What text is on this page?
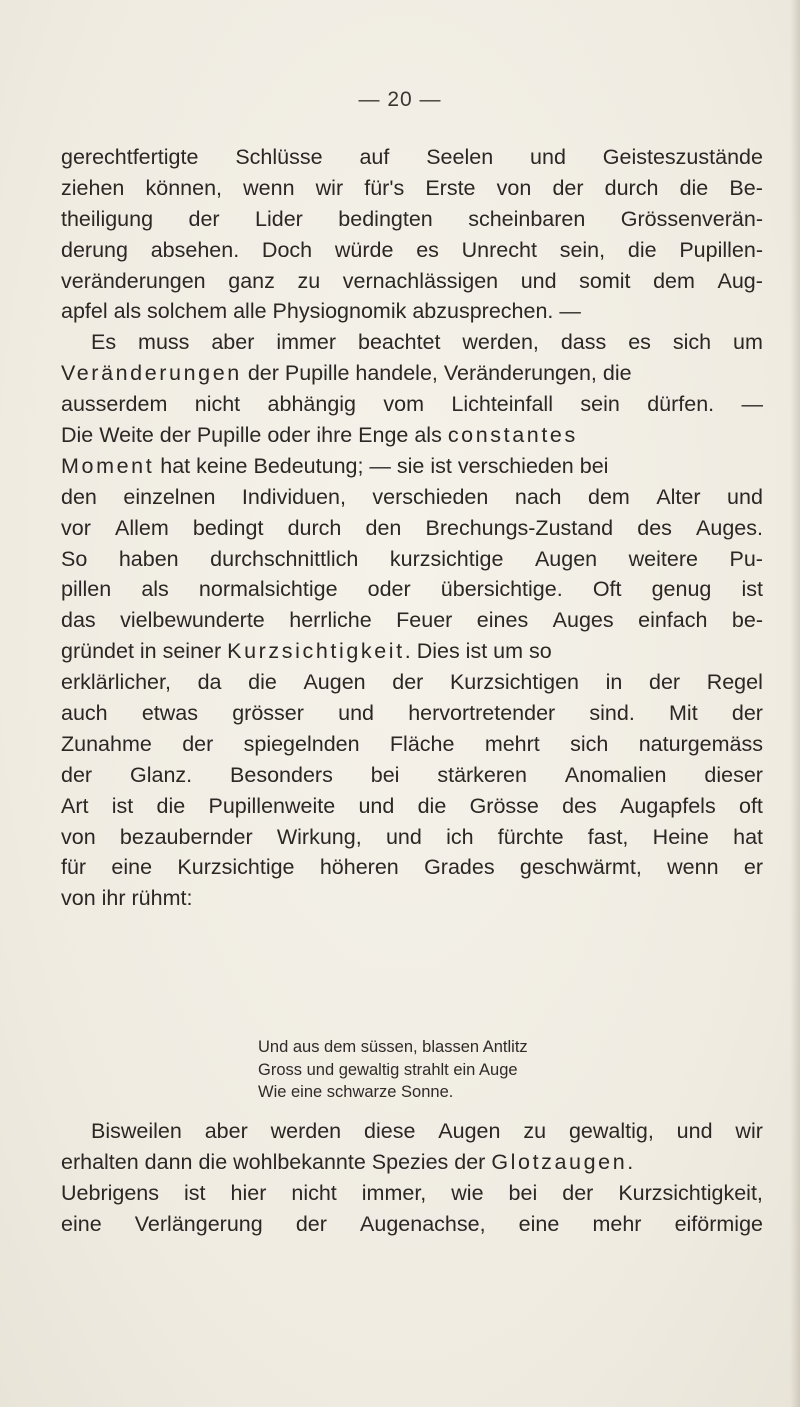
— 20 —
gerechtfertigte Schlüsse auf Seelen und Geisteszustände
ziehen können, wenn wir für's Erste von der durch die Be-
theiligung der Lider bedingten scheinbaren Grössenverän-
derung absehen. Doch würde es Unrecht sein, die Pupillen-
veränderungen ganz zu vernachlässigen und somit dem Aug-
apfel als solchem alle Physiognomik abzusprechen. —
Es muss aber immer beachtet werden, dass es sich um
Veränderungen der Pupille handele, Veränderungen, die
ausserdem nicht abhängig vom Lichteinfall sein dürfen. —
Die Weite der Pupille oder ihre Enge als constantes
Moment hat keine Bedeutung; — sie ist verschieden bei
den einzelnen Individuen, verschieden nach dem Alter und
vor Allem bedingt durch den Brechungs-Zustand des Auges.
So haben durchschnittlich kurzsichtige Augen weitere Pu-
pillen als normalsichtige oder übersichtige. Oft genug ist
das vielbewunderte herrliche Feuer eines Auges einfach be-
gründet in seiner Kurzsichtigkeit. Dies ist um so
erklärlicher, da die Augen der Kurzsichtigen in der Regel
auch etwas grösser und hervortretender sind. Mit der
Zunahme der spiegelnden Fläche mehrt sich naturgemäss
der Glanz. Besonders bei stärkeren Anomalien dieser
Art ist die Pupillenweite und die Grösse des Augapfels oft
von bezaubernder Wirkung, und ich fürchte fast, Heine hat
für eine Kurzsichtige höheren Grades geschwärmt, wenn er
von ihr rühmt:
Und aus dem süssen, blassen Antlitz
Gross und gewaltig strahlt ein Auge
Wie eine schwarze Sonne.
Bisweilen aber werden diese Augen zu gewaltig, und wir
erhalten dann die wohlbekannte Spezies der Glotzaugen.
Uebrigens ist hier nicht immer, wie bei der Kurzsichtigkeit,
eine Verlängerung der Augenachse, eine mehr eiförmige
